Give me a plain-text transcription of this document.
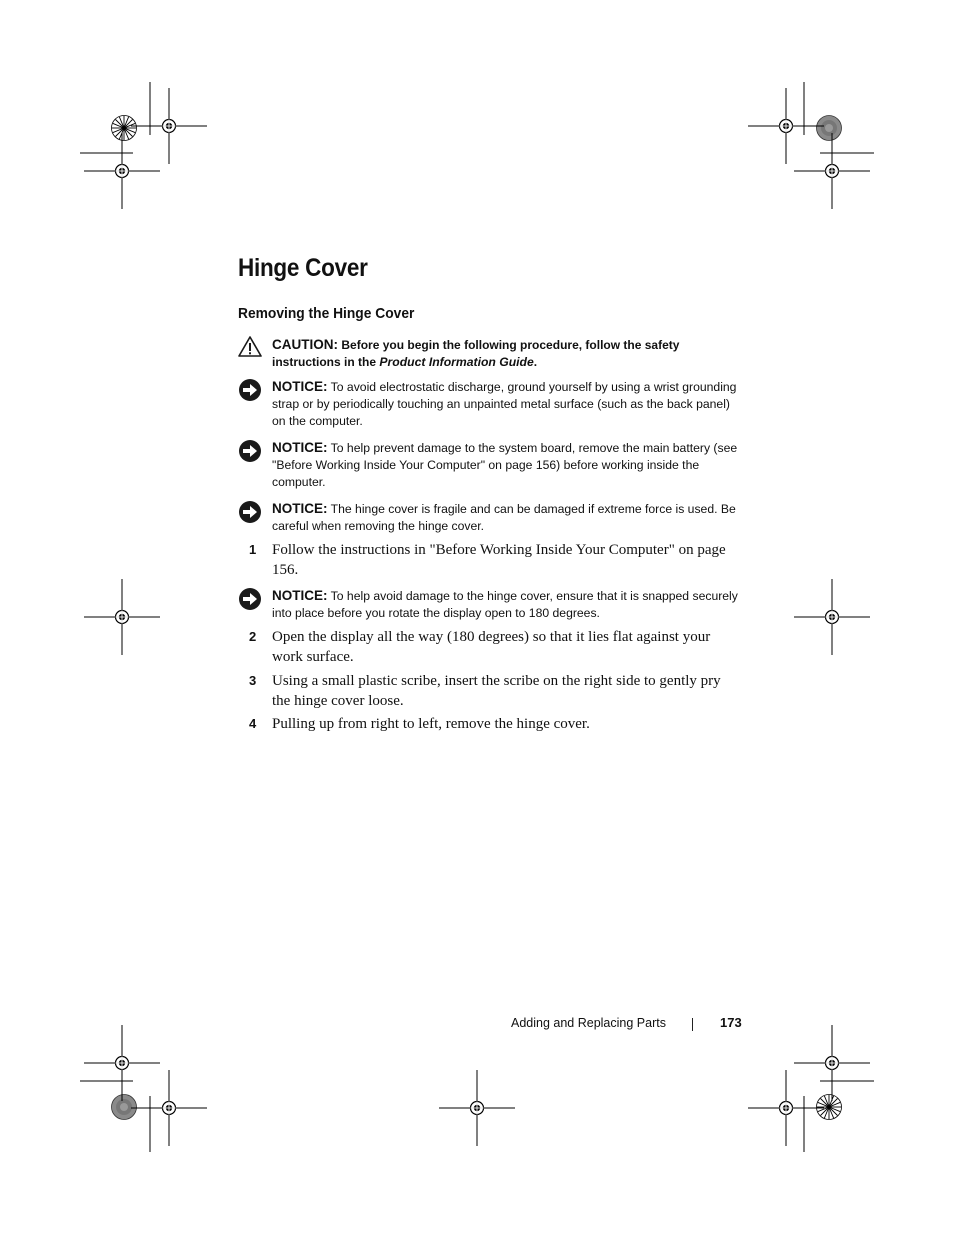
Hinge Cover
Removing the Hinge Cover
CAUTION: Before you begin the following procedure, follow the safety instructions in the Product Information Guide.
NOTICE: To avoid electrostatic discharge, ground yourself by using a wrist grounding strap or by periodically touching an unpainted metal surface (such as the back panel) on the computer.
NOTICE: To help prevent damage to the system board, remove the main battery (see "Before Working Inside Your Computer" on page 156) before working inside the computer.
NOTICE: The hinge cover is fragile and can be damaged if extreme force is used. Be careful when removing the hinge cover.
1 Follow the instructions in "Before Working Inside Your Computer" on page 156.
NOTICE: To help avoid damage to the hinge cover, ensure that it is snapped securely into place before you rotate the display open to 180 degrees.
2 Open the display all the way (180 degrees) so that it lies flat against your work surface.
3 Using a small plastic scribe, insert the scribe on the right side to gently pry the hinge cover loose.
4 Pulling up from right to left, remove the hinge cover.
Adding and Replacing Parts	173
